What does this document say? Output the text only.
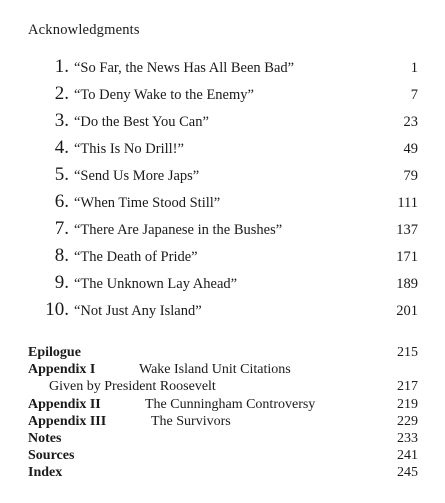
Acknowledgments
1. “So Far, the News Has All Been Bad”	1
2. “To Deny Wake to the Enemy”	7
3. “Do the Best You Can”	23
4. “This Is No Drill!”	49
5. “Send Us More Japs”	79
6. “When Time Stood Still”	111
7. “There Are Japanese in the Bushes”	137
8. “The Death of Pride”	171
9. “The Unknown Lay Ahead”	189
10. “Not Just Any Island”	201
Epilogue	215
Appendix I	Wake Island Unit Citations
Given by President Roosevelt	217
Appendix II	The Cunningham Controversy	219
Appendix III	The Survivors	229
Notes	233
Sources	241
Index	245
